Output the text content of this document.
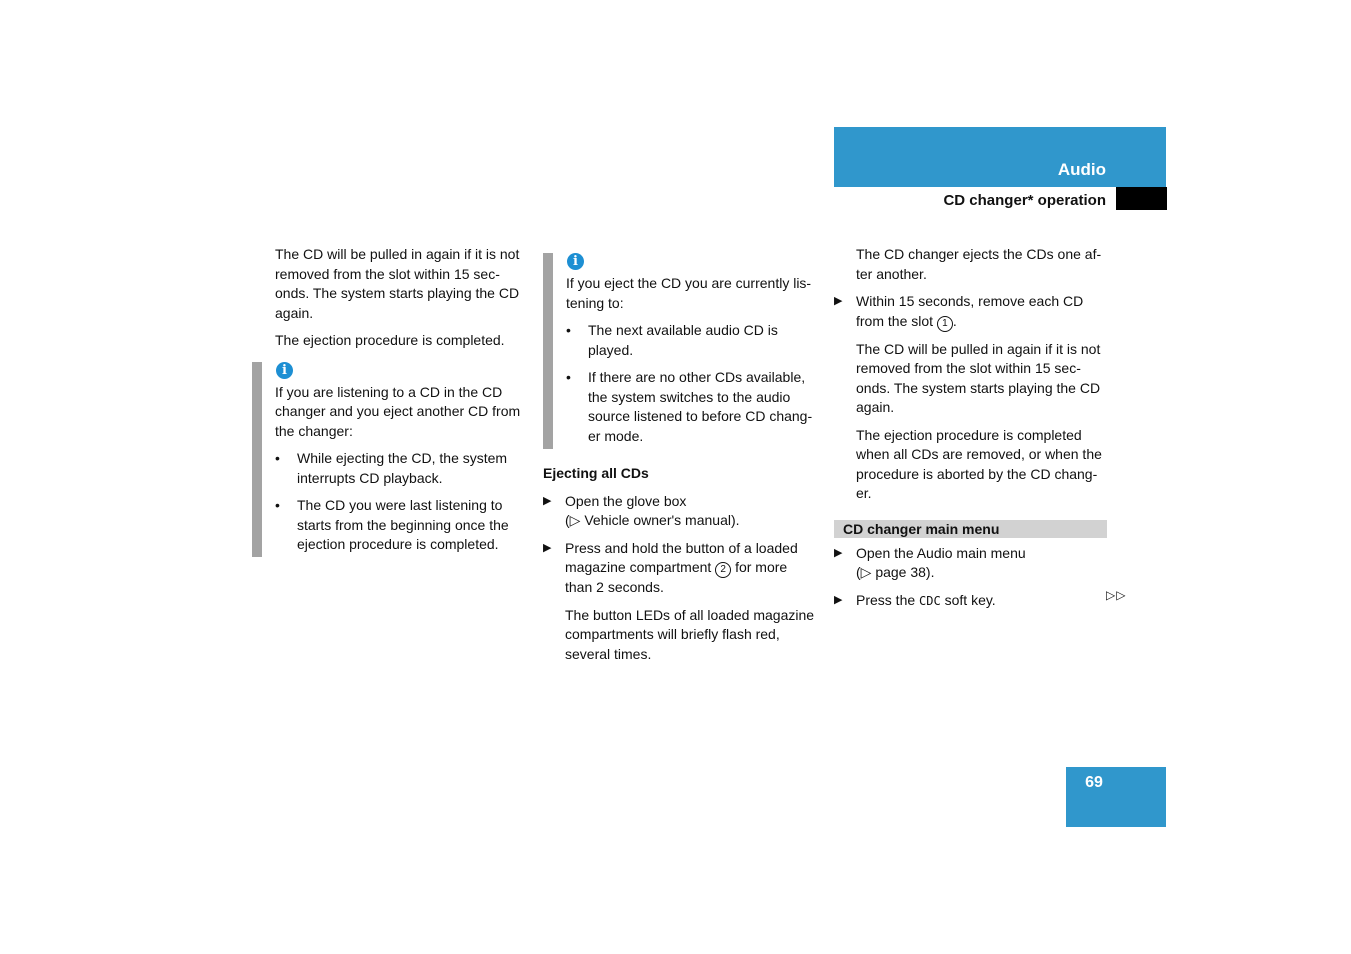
Audio
CD changer* operation

The CD will be pulled in again if it is not removed from the slot within 15 sec-onds. The system starts playing the CD again.

The ejection procedure is completed.

i

If you are listening to a CD in the CD changer and you eject another CD from the changer:

• While ejecting the CD, the system interrupts CD playback.
• The CD you were last listening to starts from the beginning once the ejection procedure is completed.
i

If you eject the CD you are currently lis-tening to:

• The next available audio CD is played.
• If there are no other CDs available, the system switches to the audio source listened to before CD chang-er mode.
Ejecting all CDs
▶ Open the glove box
(▷ Vehicle owner's manual).
▶ Press and hold the button of a loaded magazine compartment 2 for more than 2 seconds.
The button LEDs of all loaded magazine compartments will briefly flash red, several times.
The CD changer ejects the CDs one af-ter another.
▶ Within 15 seconds, remove each CD from the slot 1 .
The CD will be pulled in again if it is not removed from the slot within 15 sec-onds. The system starts playing the CD again.
The ejection procedure is completed when all CDs are removed, or when the procedure is aborted by the CD chang-er.
CD changer main menu
▶ Open the Audio main menu
(▷ page 38).
▶ Press the CDC soft key.	▷▷
69
